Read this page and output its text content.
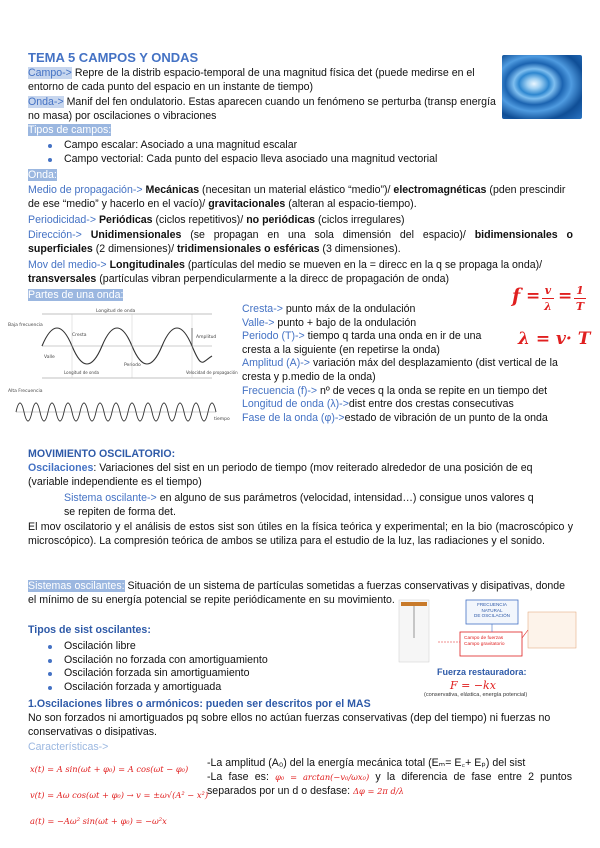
TEMA 5 CAMPOS Y ONDAS
Campo-> Repre de la distrib espacio-temporal de una magnitud física det (puede medirse en el entorno de cada punto del espacio en un instante de tiempo)
Onda-> Manif del fen ondulatorio. Estas aparecen cuando un fenómeno se perturba (transp energía no masa) por oscilaciones o vibraciones
Tipos de campos:
Campo escalar: Asociado a una magnitud escalar
Campo vectorial: Cada punto del espacio lleva asociado una magnitud vectorial
Onda:
Medio de propagación-> Mecánicas (necesitan un material elástico “medio”)/ electromagnéticas (pden prescindir de ese “medio” y hacerlo en el vacío)/ gravitacionales (alteran al espacio-tiempo).
Periodicidad-> Periódicas (ciclos repetitivos)/ no periódicas (ciclos irregulares)
Dirección-> Unidimensionales (se propagan en una sola dimensión del espacio)/ bidimensionales o superficiales (2 dimensiones)/ tridimensionales o esféricas (3 dimensiones).
Mov del medio-> Longitudinales (partículas del medio se mueven en la = direcc en la q se propaga la onda)/ transversales (partículas vibran perpendicularmente a la direcc de propagación de onda)
Partes de una onda:	f = v
λ
= 1
T
λ = v· T
Baja frecuencia
Longitud de onda
Cresta
Valle
Amplitud
Periodo
Longitud de onda	Velocidad de propagación
Alta Frecuencia
tiempo
Cresta-> punto máx de la ondulación
Valle-> punto + bajo de la ondulación
Periodo (T)-> tiempo q tarda una onda en ir de una cresta a la siguiente (en repetirse la onda)
Amplitud (A)-> variación máx del desplazamiento (dist vertical de la cresta y p.medio de la onda)
Frecuencia (f)-> nº de veces q la onda se repite en un tiempo det
Longitud de onda (λ)->dist entre dos crestas consecutivas
Fase de la onda (φ)->estado de vibración de un punto de la onda
MOVIMIENTO OSCILATORIO:
Oscilaciones: Variaciones del sist en un periodo de tiempo (mov reiterado alrededor de una posición de eq (variable independiente es el tiempo)
Sistema oscilante-> en alguno de sus parámetros (velocidad, intensidad…) consigue unos valores q se repiten de forma det.
El mov oscilatorio y el análisis de estos sist son útiles en la física teórica y experimental; en la bio (macroscópico y microscópico). La compresión teórica de ambos se utiliza para el estudio de la luz, las radiaciones y el sonido.
Sistemas oscilantes: Situación de un sistema de partículas sometidas a fuerzas conservativas y disipativas, donde el mínimo de su energía potencial se repite periódicamente en su movimiento.	FRECUENCIA NATURAL
DE OSCILACIÓN
Campo de fuerzas
Campo gravitatorio
Fuerza restauradora:
F = −kx
(conservativa, elástica, energía potencial)
Tipos de sist oscilantes:
Oscilación libre
Oscilación no forzada con amortiguamiento
Oscilación forzada sin amortiguamiento
Oscilación forzada y amortiguada
1.Oscilaciones libres o armónicos: pueden ser descritos por el MAS
No son forzados ni amortiguados pq sobre ellos no actúan fuerzas conservativas (dep del tiempo) ni fuerzas no conservativas o disipativas.
Características->
x(t) = A sin(ωt + φ₀) = A cos(ωt − φ₀)
v(t) = Aω cos(ωt + φ₀) → v = ±ω√(A² − x²)
a(t) = −Aω² sin(ωt + φ₀) = −ω²x
-La amplitud (A₀) del la energía mecánica total (Eₘ= E꜀+ Eₚ) del sist
-La fase es: φ₀ = arctan(−v₀/ωx₀) y la diferencia de fase entre 2 puntos separados por un d o desfase: Δφ = 2π d/λ
